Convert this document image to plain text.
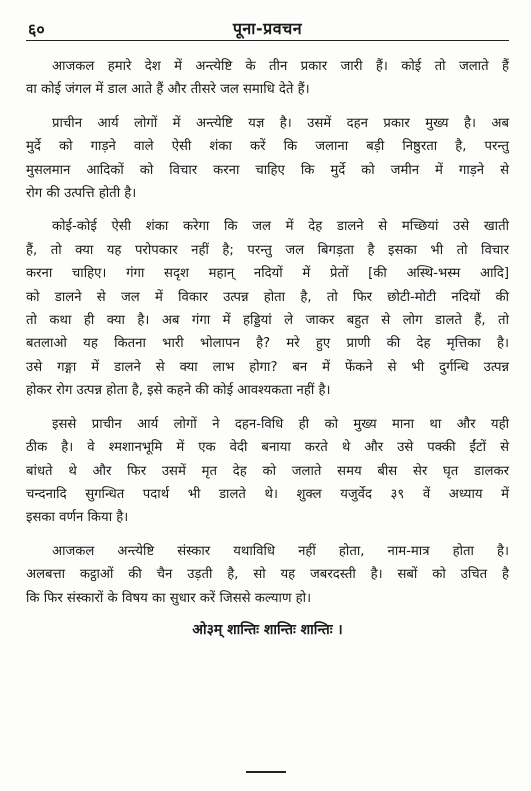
६०	पूना-प्रवचन
आजकल हमारे देश में अन्त्येष्टि के तीन प्रकार जारी हैं। कोई तो जलाते हैं
वा कोई जंगल में डाल आते हैं और तीसरे जल समाधि देते हैं।
प्राचीन आर्य लोगों में अन्त्येष्टि यज्ञ है। उसमें दहन प्रकार मुख्य है। अब
मुर्दे को गाड़ने वाले ऐसी शंका करें कि जलाना बड़ी निष्ठुरता है, परन्तु
मुसलमान आदिकों को विचार करना चाहिए कि मुर्दे को जमीन में गाड़ने से
रोग की उत्पत्ति होती है।
कोई-कोई ऐसी शंका करेगा कि जल में देह डालने से मच्छियां उसे खाती
हैं, तो क्या यह परोपकार नहीं है; परन्तु जल बिगड़ता है इसका भी तो विचार
करना चाहिए। गंगा सदृश महान् नदियों में प्रेतों [की अस्थि-भस्म आदि]
को डालने से जल में विकार उत्पन्न होता है, तो फिर छोटी-मोटी नदियों की
तो कथा ही क्या है। अब गंगा में हड्डियां ले जाकर बहुत से लोग डालते हैं, तो
बतलाओ यह कितना भारी भोलापन है? मरे हुए प्राणी की देह मृत्तिका है।
उसे गङ्गा में डालने से क्या लाभ होगा? बन में फेंकने से भी दुर्गन्धि उत्पन्न
होकर रोग उत्पन्न होता है, इसे कहने की कोई आवश्यकता नहीं है।
इससे प्राचीन आर्य लोगों ने दहन-विधि ही को मुख्य माना था और यही
ठीक है। वे श्मशानभूमि में एक वेदी बनाया करते थे और उसे पक्की ईंटों से
बांधते थे और फिर उसमें मृत देह को जलाते समय बीस सेर घृत डालकर
चन्दनादि सुगन्धित पदार्थ भी डालते थे। शुक्ल यजुर्वेद ३९ वें अध्याय में
इसका वर्णन किया है।
आजकल अन्त्येष्टि संस्कार यथाविधि नहीं होता, नाम-मात्र होता है।
अलबत्ता कट्ठाओं की चैन उड़ती है, सो यह जबरदस्ती है। सबों को उचित है
कि फिर संस्कारों के विषय का सुधार करें जिससे कल्याण हो।
ओ३म् शान्तिः शान्तिः शान्तिः ।
